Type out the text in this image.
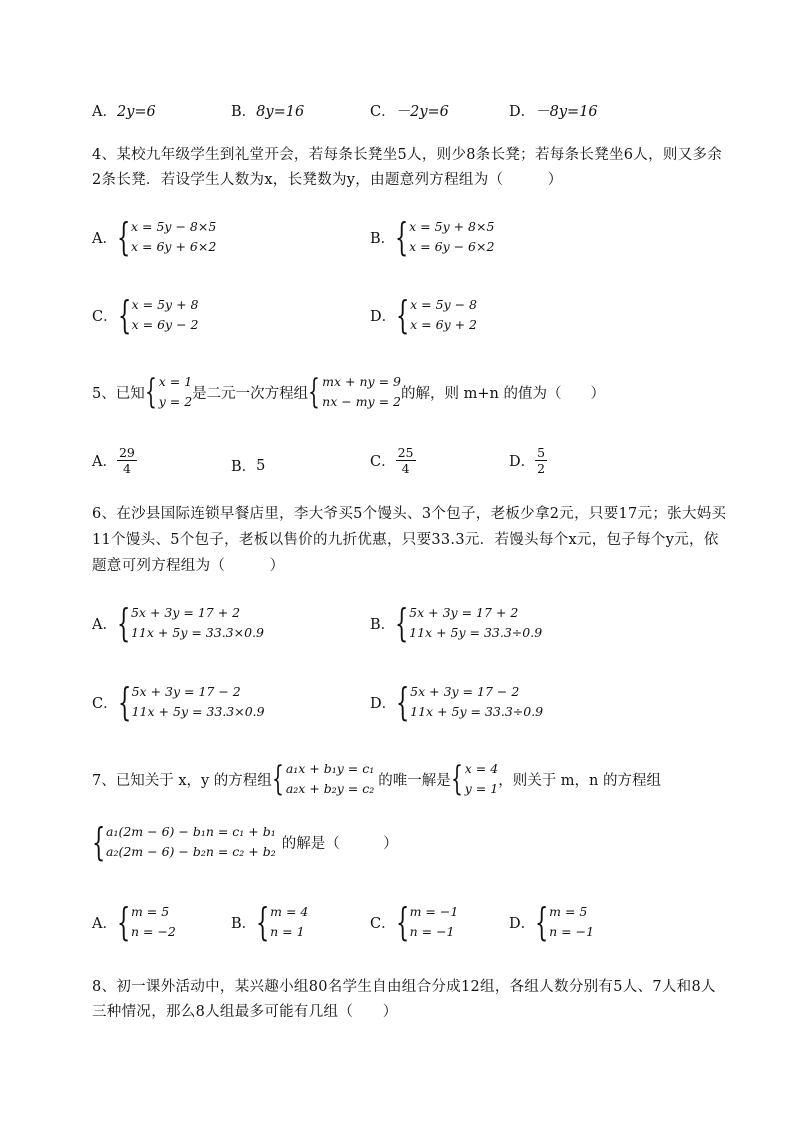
A．2y=6	B．8y=16	C．－2y=6	D．－8y=16
4、某校九年级学生到礼堂开会，若每条长凳坐5人，则少8条长凳；若每条长凳坐6人，则又多余
2条长凳．若设学生人数为x，长凳数为y，由题意列方程组为（　　　）
A． { x = 5y − 8×5
x = 6y + 6×2	B． { x = 5y + 8×5
x = 6y − 6×2
C． { x = 5y + 8
x = 6y − 2	D． { x = 5y − 8
x = 6y + 2
5、已知 { x = 1
y = 2 是二元一次方程组 { mx + ny = 9
nx − my = 2 的解，则 m+n 的值为（　　）
A． $\frac{29}{4}$	B． 5	C． $\frac{25}{4}$	D． $\frac{5}{2}$
6、在沙县国际连锁早餐店里，李大爷买5个馒头、3个包子，老板少拿2元，只要17元；张大妈买
11个馒头、5个包子，老板以售价的九折优惠，只要33.3元．若馒头每个x元，包子每个y元，依
题意可列方程组为（　　　）
A． { 5x + 3y = 17 + 2
11x + 5y = 33.3×0.9	B． { 5x + 3y = 17 + 2
11x + 5y = 33.3÷0.9
C． { 5x + 3y = 17 − 2
11x + 5y = 33.3×0.9	D． { 5x + 3y = 17 − 2
11x + 5y = 33.3÷0.9
7、已知关于 x，y 的方程组 { a₁x + b₁y = c₁
a₂x + b₂y = c₂ 的唯一解是 { x = 4
y = 1 ，则关于 m，n 的方程组
{ a₁(2m − 6) − b₁n = c₁ + b₁
a₂(2m − 6) − b₂n = c₂ + b₂ 的解是（　　　）
A． { m = 5
n = −2	B． { m = 4
n = 1	C． { m = −1
n = −1	D． { m = 5
n = −1
8、初一课外活动中，某兴趣小组80名学生自由组合分成12组，各组人数分别有5人、7人和8人
三种情况，那么8人组最多可能有几组（　　）
